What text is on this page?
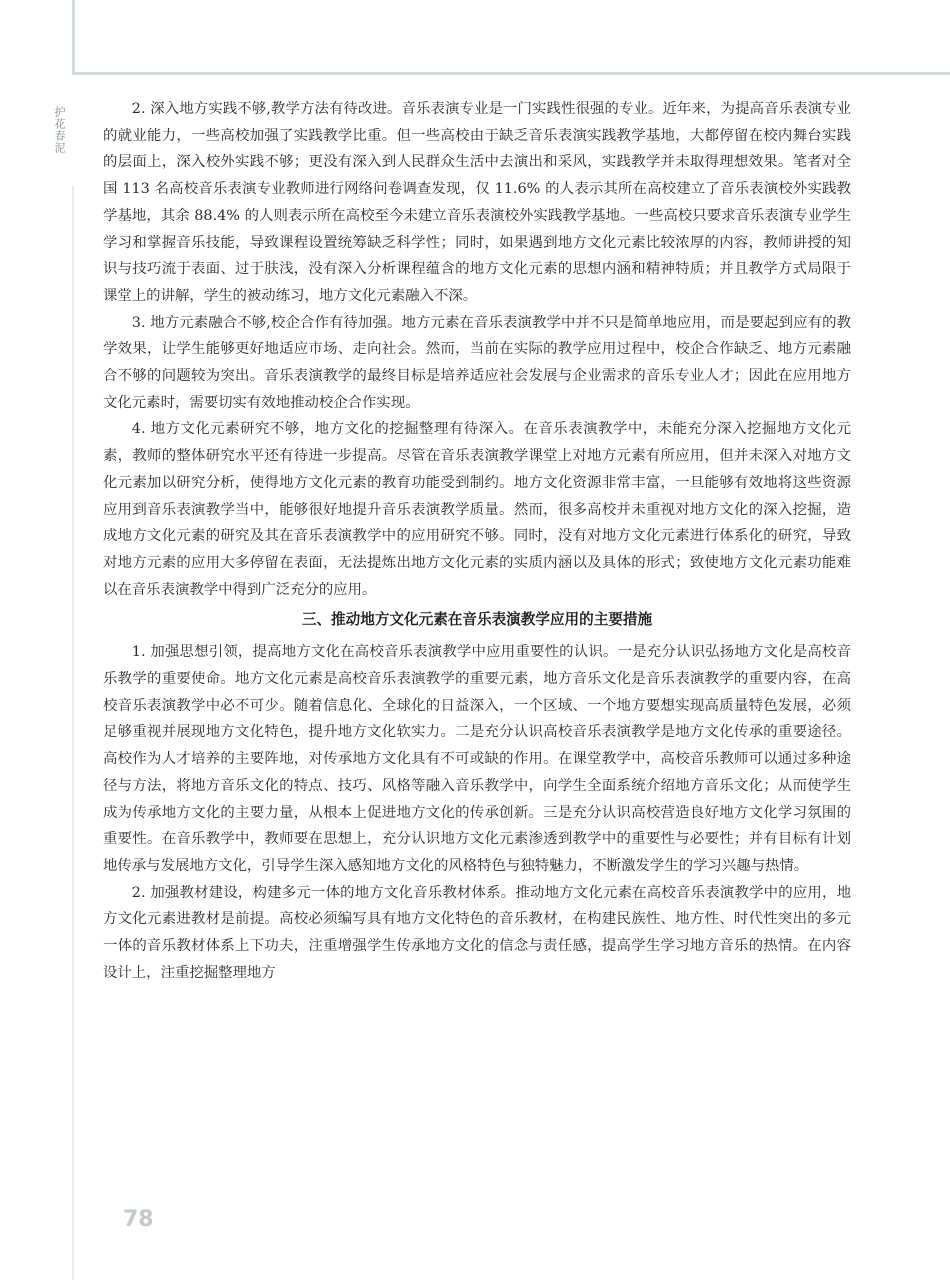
护花春泥	2. 深入地方实践不够,教学方法有待改进。音乐表演专业是一门实践性很强的专业。近年来，为提高音乐表演专业的就业能力，一些高校加强了实践教学比重。但一些高校由于缺乏音乐表演实践教学基地，大都停留在校内舞台实践的层面上，深入校外实践不够；更没有深入到人民群众生活中去演出和采风，实践教学并未取得理想效果。笔者对全国 113 名高校音乐表演专业教师进行网络问卷调查发现，仅 11.6% 的人表示其所在高校建立了音乐表演校外实践教学基地，其余 88.4% 的人则表示所在高校至今未建立音乐表演校外实践教学基地。一些高校只要求音乐表演专业学生学习和掌握音乐技能，导致课程设置统筹缺乏科学性；同时，如果遇到地方文化元素比较浓厚的内容，教师讲授的知识与技巧流于表面、过于肤浅，没有深入分析课程蕴含的地方文化元素的思想内涵和精神特质；并且教学方式局限于课堂上的讲解，学生的被动练习，地方文化元素融入不深。

3. 地方元素融合不够,校企合作有待加强。地方元素在音乐表演教学中并不只是简单地应用，而是要起到应有的教学效果，让学生能够更好地适应市场、走向社会。然而，当前在实际的教学应用过程中，校企合作缺乏、地方元素融合不够的问题较为突出。音乐表演教学的最终目标是培养适应社会发展与企业需求的音乐专业人才；因此在应用地方文化元素时，需要切实有效地推动校企合作实现。

4. 地方文化元素研究不够，地方文化的挖掘整理有待深入。在音乐表演教学中，未能充分深入挖掘地方文化元素，教师的整体研究水平还有待进一步提高。尽管在音乐表演教学课堂上对地方元素有所应用，但并未深入对地方文化元素加以研究分析，使得地方文化元素的教育功能受到制约。地方文化资源非常丰富，一旦能够有效地将这些资源应用到音乐表演教学当中，能够很好地提升音乐表演教学质量。然而，很多高校并未重视对地方文化的深入挖掘，造成地方文化元素的研究及其在音乐表演教学中的应用研究不够。同时，没有对地方文化元素进行体系化的研究，导致对地方元素的应用大多停留在表面，无法提炼出地方文化元素的实质内涵以及具体的形式；致使地方文化元素功能难以在音乐表演教学中得到广泛充分的应用。

三、推动地方文化元素在音乐表演教学应用的主要措施

1. 加强思想引领，提高地方文化在高校音乐表演教学中应用重要性的认识。一是充分认识弘扬地方文化是高校音乐教学的重要使命。地方文化元素是高校音乐表演教学的重要元素，地方音乐文化是音乐表演教学的重要内容，在高校音乐表演教学中必不可少。随着信息化、全球化的日益深入，一个区域、一个地方要想实现高质量特色发展，必须足够重视并展现地方文化特色，提升地方文化软实力。二是充分认识高校音乐表演教学是地方文化传承的重要途径。高校作为人才培养的主要阵地，对传承地方文化具有不可或缺的作用。在课堂教学中，高校音乐教师可以通过多种途径与方法，将地方音乐文化的特点、技巧、风格等融入音乐教学中，向学生全面系统介绍地方音乐文化；从而使学生成为传承地方文化的主要力量，从根本上促进地方文化的传承创新。三是充分认识高校营造良好地方文化学习氛围的重要性。在音乐教学中，教师要在思想上，充分认识地方文化元素渗透到教学中的重要性与必要性；并有目标有计划地传承与发展地方文化，引导学生深入感知地方文化的风格特色与独特魅力，不断激发学生的学习兴趣与热情。

2. 加强教材建设，构建多元一体的地方文化音乐教材体系。推动地方文化元素在高校音乐表演教学中的应用，地方文化元素进教材是前提。高校必须编写具有地方文化特色的音乐教材，在构建民族性、地方性、时代性突出的多元一体的音乐教材体系上下功夫，注重增强学生传承地方文化的信念与责任感，提高学生学习地方音乐的热情。在内容设计上，注重挖掘整理地方

78
